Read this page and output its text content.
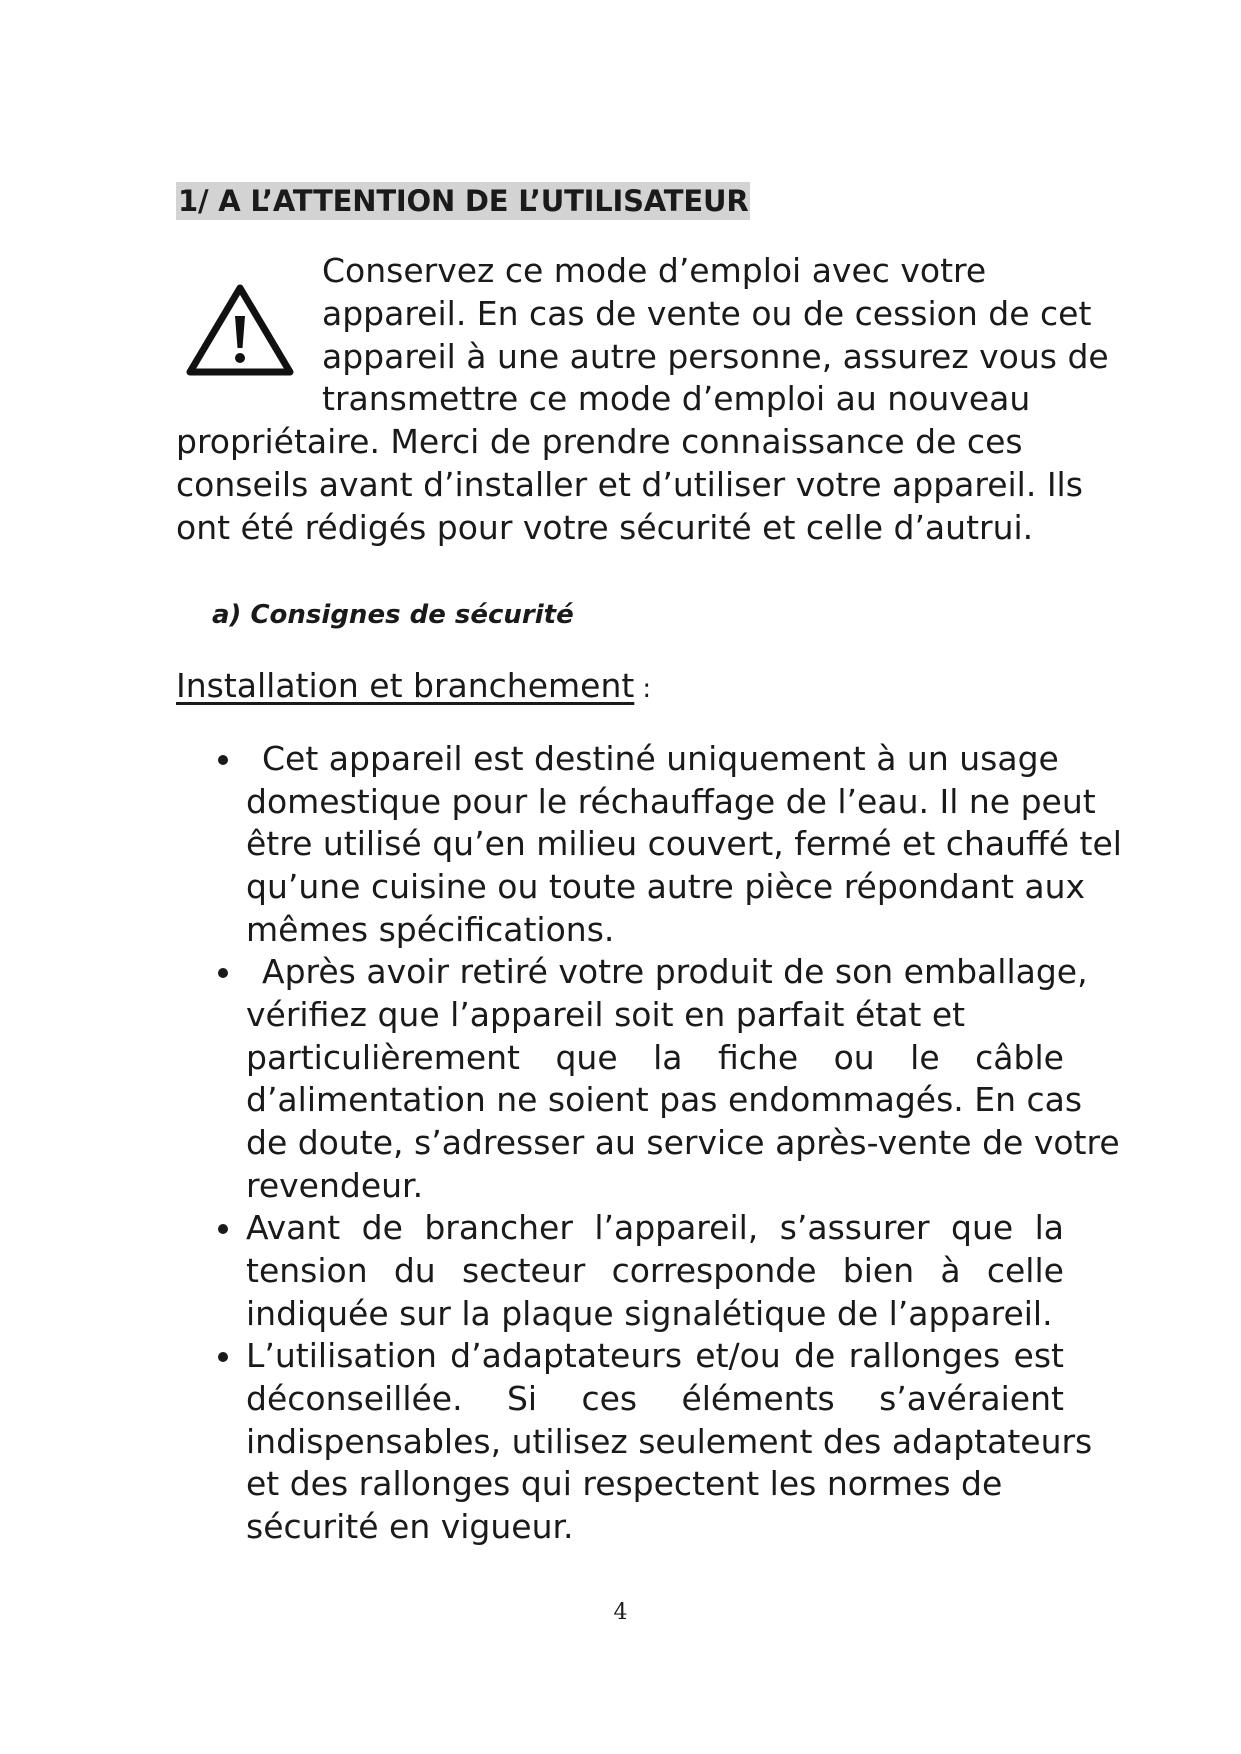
1/ A L’ATTENTION DE L’UTILISATEUR
Conservez ce mode d’emploi avec votre
appareil. En cas de vente ou de cession de cet
appareil à une autre personne, assurez vous de
transmettre ce mode d’emploi au nouveau
propriétaire. Merci de prendre connaissance de ces
conseils avant d’installer et d’utiliser votre appareil. Ils
ont été rédigés pour votre sécurité et celle d’autrui.
a) Consignes de sécurité
Installation et branchement :
Cet appareil est destiné uniquement à un usage
domestique pour le réchauffage de l’eau. Il ne peut
être utilisé qu’en milieu couvert, fermé et chauffé tel
qu’une cuisine ou toute autre pièce répondant aux
mêmes spécifications.
Après avoir retiré votre produit de son emballage,
vérifiez que l’appareil soit en parfait état et
particulièrement que la fiche ou le câble
d’alimentation ne soient pas endommagés. En cas
de doute, s’adresser au service après-vente de votre
revendeur.
Avant de brancher l’appareil, s’assurer que la
tension du secteur corresponde bien à celle
indiquée sur la plaque signalétique de l’appareil.
L’utilisation d’adaptateurs et/ou de rallonges est
déconseillée. Si ces éléments s’avéraient
indispensables, utilisez seulement des adaptateurs
et des rallonges qui respectent les normes de
sécurité en vigueur.
4
